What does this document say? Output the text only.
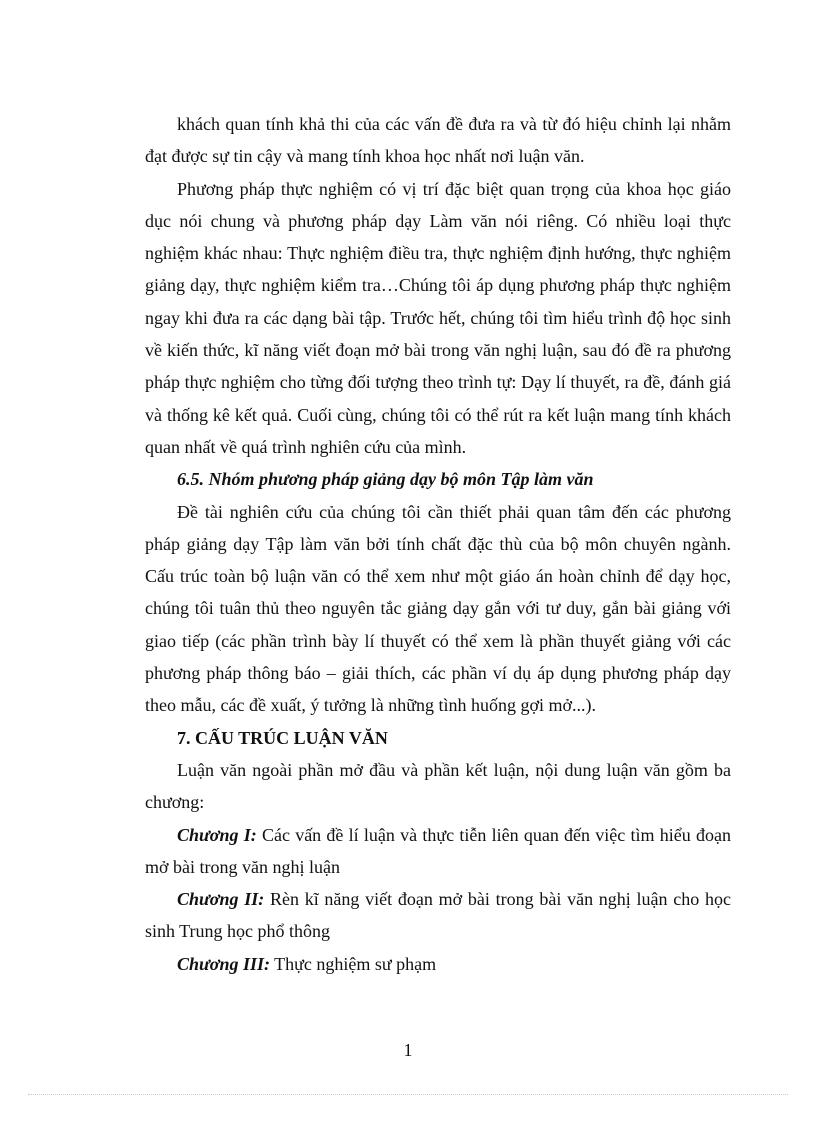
khách quan tính khả thi của các vấn đề đưa ra và từ đó hiệu chỉnh lại nhằm đạt được sự tin cậy và mang tính khoa học nhất nơi luận văn.

Phương pháp thực nghiệm có vị trí đặc biệt quan trọng của khoa học giáo dục nói chung và phương pháp dạy Làm văn nói riêng. Có nhiều loại thực nghiệm khác nhau: Thực nghiệm điều tra, thực nghiệm định hướng, thực nghiệm giảng dạy, thực nghiệm kiểm tra…Chúng tôi áp dụng phương pháp thực nghiệm ngay khi đưa ra các dạng bài tập. Trước hết, chúng tôi tìm hiểu trình độ học sinh về kiến thức, kĩ năng viết đoạn mở bài trong văn nghị luận, sau đó đề ra phương pháp thực nghiệm cho từng đối tượng theo trình tự: Dạy lí thuyết, ra đề, đánh giá và thống kê kết quả. Cuối cùng, chúng tôi có thể rút ra kết luận mang tính khách quan nhất về quá trình nghiên cứu của mình.

6.5. Nhóm phương pháp giảng dạy bộ môn Tập làm văn

Đề tài nghiên cứu của chúng tôi cần thiết phải quan tâm đến các phương pháp giảng dạy Tập làm văn bởi tính chất đặc thù của bộ môn chuyên ngành. Cấu trúc toàn bộ luận văn có thể xem như một giáo án hoàn chỉnh để dạy học, chúng tôi tuân thủ theo nguyên tắc giảng dạy gắn với tư duy, gắn bài giảng với giao tiếp (các phần trình bày lí thuyết có thể xem là phần thuyết giảng với các phương pháp thông báo – giải thích, các phần ví dụ áp dụng phương pháp dạy theo mẫu, các đề xuất, ý tưởng là những tình huống gợi mở...).

7. CẤU TRÚC LUẬN VĂN

Luận văn ngoài phần mở đầu và phần kết luận, nội dung luận văn gồm ba chương:

Chương I: Các vấn đề lí luận và thực tiễn liên quan đến việc tìm hiểu đoạn mở bài trong văn nghị luận

Chương II: Rèn kĩ năng viết đoạn mở bài trong bài văn nghị luận cho học sinh Trung học phổ thông

Chương III: Thực nghiệm sư phạm

1
